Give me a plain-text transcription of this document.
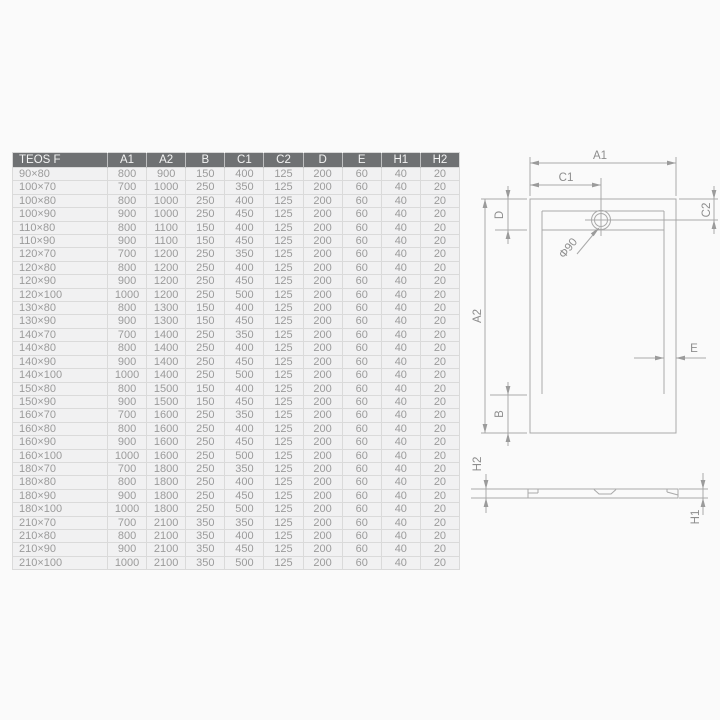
TEOS F	A1	A2	B	C1	C2	D	E	H1	H2
90×80	800	900	150	400	125	200	60	40	20
100×70	700	1000	250	350	125	200	60	40	20
100×80	800	1000	250	400	125	200	60	40	20
100×90	900	1000	250	450	125	200	60	40	20
110×80	800	1100	150	400	125	200	60	40	20
110×90	900	1100	150	450	125	200	60	40	20
120×70	700	1200	250	350	125	200	60	40	20
120×80	800	1200	250	400	125	200	60	40	20
120×90	900	1200	250	450	125	200	60	40	20
120×100	1000	1200	250	500	125	200	60	40	20
130×80	800	1300	150	400	125	200	60	40	20
130×90	900	1300	150	450	125	200	60	40	20
140×70	700	1400	250	350	125	200	60	40	20
140×80	800	1400	250	400	125	200	60	40	20
140×90	900	1400	250	450	125	200	60	40	20
140×100	1000	1400	250	500	125	200	60	40	20
150×80	800	1500	150	400	125	200	60	40	20
150×90	900	1500	150	450	125	200	60	40	20
160×70	700	1600	250	350	125	200	60	40	20
160×80	800	1600	250	400	125	200	60	40	20
160×90	900	1600	250	450	125	200	60	40	20
160×100	1000	1600	250	500	125	200	60	40	20
180×70	700	1800	250	350	125	200	60	40	20
180×80	800	1800	250	400	125	200	60	40	20
180×90	900	1800	250	450	125	200	60	40	20
180×100	1000	1800	250	500	125	200	60	40	20
210×70	700	2100	350	350	125	200	60	40	20
210×80	800	2100	350	400	125	200	60	40	20
210×90	900	2100	350	450	125	200	60	40	20
210×100	1000	2100	350	500	125	200	60	40	20
A1
C1
A2
D	C2
E
B
Φ90
H2
H1
